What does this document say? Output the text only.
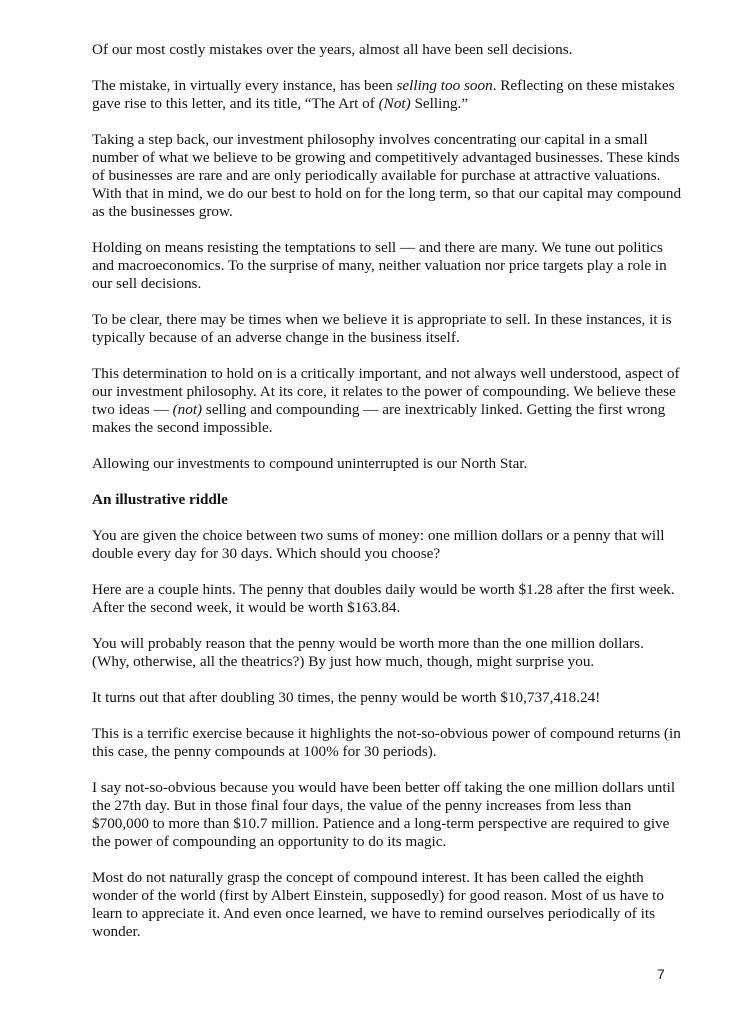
Of our most costly mistakes over the years, almost all have been sell decisions.

The mistake, in virtually every instance, has been selling too soon. Reflecting on these mistakes gave rise to this letter, and its title, “The Art of (Not) Selling.”

Taking a step back, our investment philosophy involves concentrating our capital in a small number of what we believe to be growing and competitively advantaged businesses. These kinds of businesses are rare and are only periodically available for purchase at attractive valuations. With that in mind, we do our best to hold on for the long term, so that our capital may compound as the businesses grow.

Holding on means resisting the temptations to sell — and there are many. We tune out politics and macroeconomics. To the surprise of many, neither valuation nor price targets play a role in our sell decisions.

To be clear, there may be times when we believe it is appropriate to sell. In these instances, it is typically because of an adverse change in the business itself.

This determination to hold on is a critically important, and not always well understood, aspect of our investment philosophy. At its core, it relates to the power of compounding. We believe these two ideas — (not) selling and compounding — are inextricably linked. Getting the first wrong makes the second impossible.

Allowing our investments to compound uninterrupted is our North Star.

An illustrative riddle

You are given the choice between two sums of money: one million dollars or a penny that will double every day for 30 days. Which should you choose?

Here are a couple hints. The penny that doubles daily would be worth $1.28 after the first week. After the second week, it would be worth $163.84.

You will probably reason that the penny would be worth more than the one million dollars. (Why, otherwise, all the theatrics?) By just how much, though, might surprise you.

It turns out that after doubling 30 times, the penny would be worth $10,737,418.24!

This is a terrific exercise because it highlights the not-so-obvious power of compound returns (in this case, the penny compounds at 100% for 30 periods).

I say not-so-obvious because you would have been better off taking the one million dollars until the 27th day. But in those final four days, the value of the penny increases from less than $700,000 to more than $10.7 million. Patience and a long-term perspective are required to give the power of compounding an opportunity to do its magic.

Most do not naturally grasp the concept of compound interest. It has been called the eighth wonder of the world (first by Albert Einstein, supposedly) for good reason. Most of us have to learn to appreciate it. And even once learned, we have to remind ourselves periodically of its wonder.

7
